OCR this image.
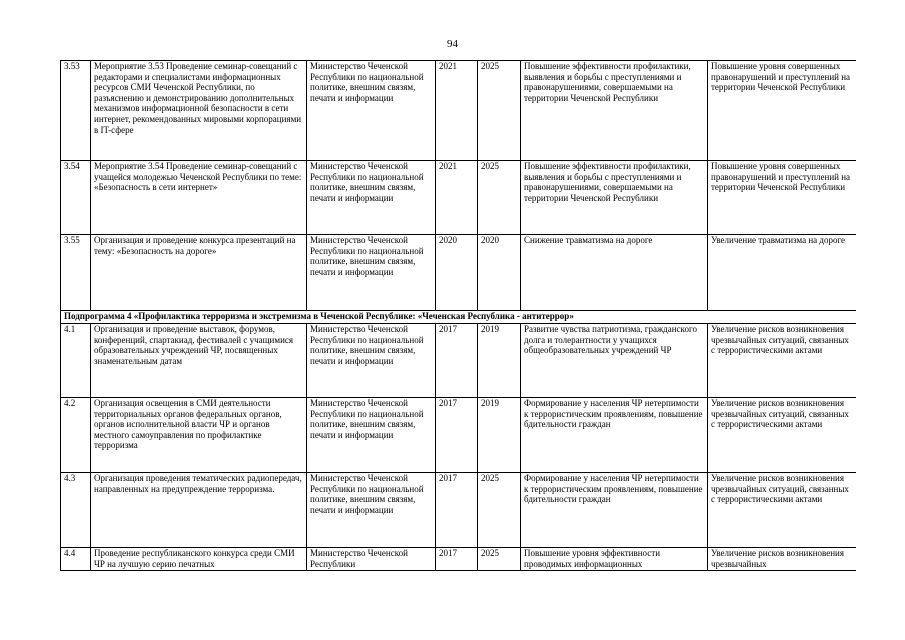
94
3.53	Мероприятие 3.53 Проведение семинар-совещаний с редакторами и специалистами информационных ресурсов СМИ Чеченской Республики, по разъяснению и демонстрированию дополнительных механизмов информационной безопасности в сети интернет, рекомендованных мировыми корпорациями в IT-сфере	Министерство Чеченской Республики по национальной политике, внешним связям, печати и информации	2021	2025	Повышение эффективности профилактики, выявления и борьбы с преступлениями и правонарушениями, совершаемыми на территории Чеченской Республики	Повышение уровня совершенных правонарушений и преступлений на территории Чеченской Республики
3.54	Мероприятие 3.54 Проведение семинар-совещаний с учащейся молодежью Чеченской Республики по теме: «Безопасность в сети интернет»	Министерство Чеченской Республики по национальной политике, внешним связям, печати и информации	2021	2025	Повышение эффективности профилактики, выявления и борьбы с преступлениями и правонарушениями, совершаемыми на территории Чеченской Республики	Повышение уровня совершенных правонарушений и преступлений на территории Чеченской Республики
3.55	Организация и проведение конкурса презентаций на тему: «Безопасность на дороге»	Министерство Чеченской Республики по национальной политике, внешним связям, печати и информации	2020	2020	Снижение травматизма на дороге	Увеличение травматизма на дороге
Подпрограмма 4 «Профилактика терроризма и экстремизма в Чеченской Республике: «Чеченская Республика - антитеррор»						
4.1	Организация и проведение выставок, форумов, конференций, спартакиад, фестивалей с учащимися образовательных учреждений ЧР, посвященных знаменательным датам	Министерство Чеченской Республики по национальной политике, внешним связям, печати и информации	2017	2019	Развитие чувства патриотизма, гражданского долга и толерантности у учащихся общеобразовательных учреждений ЧР	Увеличение рисков возникновения чрезвычайных ситуаций, связанных с террористическими актами
4.2	Организация освещения в СМИ деятельности территориальных органов федеральных органов, органов исполнительной власти ЧР и органов местного самоуправления по профилактике терроризма	Министерство Чеченской Республики по национальной политике, внешним связям, печати и информации	2017	2019	Формирование у населения ЧР нетерпимости к террористическим проявлениям, повышение бдительности граждан	Увеличение рисков возникновения чрезвычайных ситуаций, связанных с террористическими актами
4.3	Организация проведения тематических радиопередач, направленных на предупреждение терроризма.	Министерство Чеченской Республики по национальной политике, внешним связям, печати и информации	2017	2025	Формирование у населения ЧР нетерпимости к террористическим проявлениям, повышение бдительности граждан	Увеличение рисков возникновения чрезвычайных ситуаций, связанных с террористическими актами
4.4	Проведение республиканского конкурса среди СМИ ЧР на лучшую серию печатных	Министерство Чеченской Республики	2017	2025	Повышение уровня эффективности проводимых информационных	Увеличение рисков возникновения чрезвычайных
